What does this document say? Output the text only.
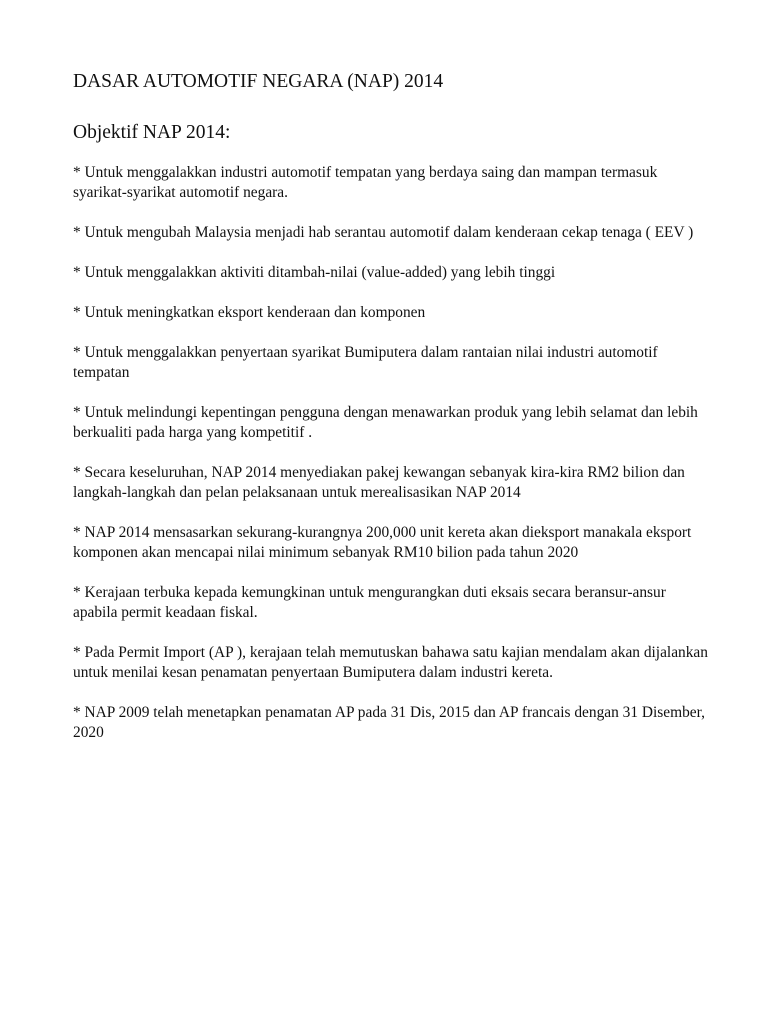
DASAR AUTOMOTIF NEGARA (NAP) 2014
Objektif NAP 2014:
* Untuk menggalakkan industri automotif tempatan yang berdaya saing dan mampan termasuk syarikat-syarikat automotif negara.
* Untuk mengubah Malaysia menjadi hab serantau automotif dalam kenderaan cekap tenaga ( EEV )
* Untuk menggalakkan aktiviti ditambah-nilai (value-added) yang lebih tinggi
* Untuk meningkatkan eksport kenderaan dan komponen
* Untuk menggalakkan penyertaan syarikat Bumiputera dalam rantaian nilai industri automotif tempatan
* Untuk melindungi kepentingan pengguna dengan menawarkan produk yang lebih selamat dan lebih berkualiti pada harga yang kompetitif .
* Secara keseluruhan, NAP 2014 menyediakan pakej kewangan sebanyak kira-kira RM2 bilion dan langkah-langkah dan pelan pelaksanaan untuk merealisasikan NAP 2014
* NAP 2014 mensasarkan sekurang-kurangnya 200,000 unit kereta akan dieksport manakala eksport komponen akan mencapai nilai minimum sebanyak RM10 bilion pada tahun 2020
* Kerajaan terbuka kepada kemungkinan untuk mengurangkan duti eksais secara beransur-ansur apabila permit keadaan fiskal.
* Pada Permit Import (AP ), kerajaan telah memutuskan bahawa satu kajian mendalam akan dijalankan untuk menilai kesan penamatan penyertaan Bumiputera dalam industri kereta.
* NAP 2009 telah menetapkan penamatan AP pada 31 Dis, 2015 dan AP francais dengan 31 Disember, 2020
